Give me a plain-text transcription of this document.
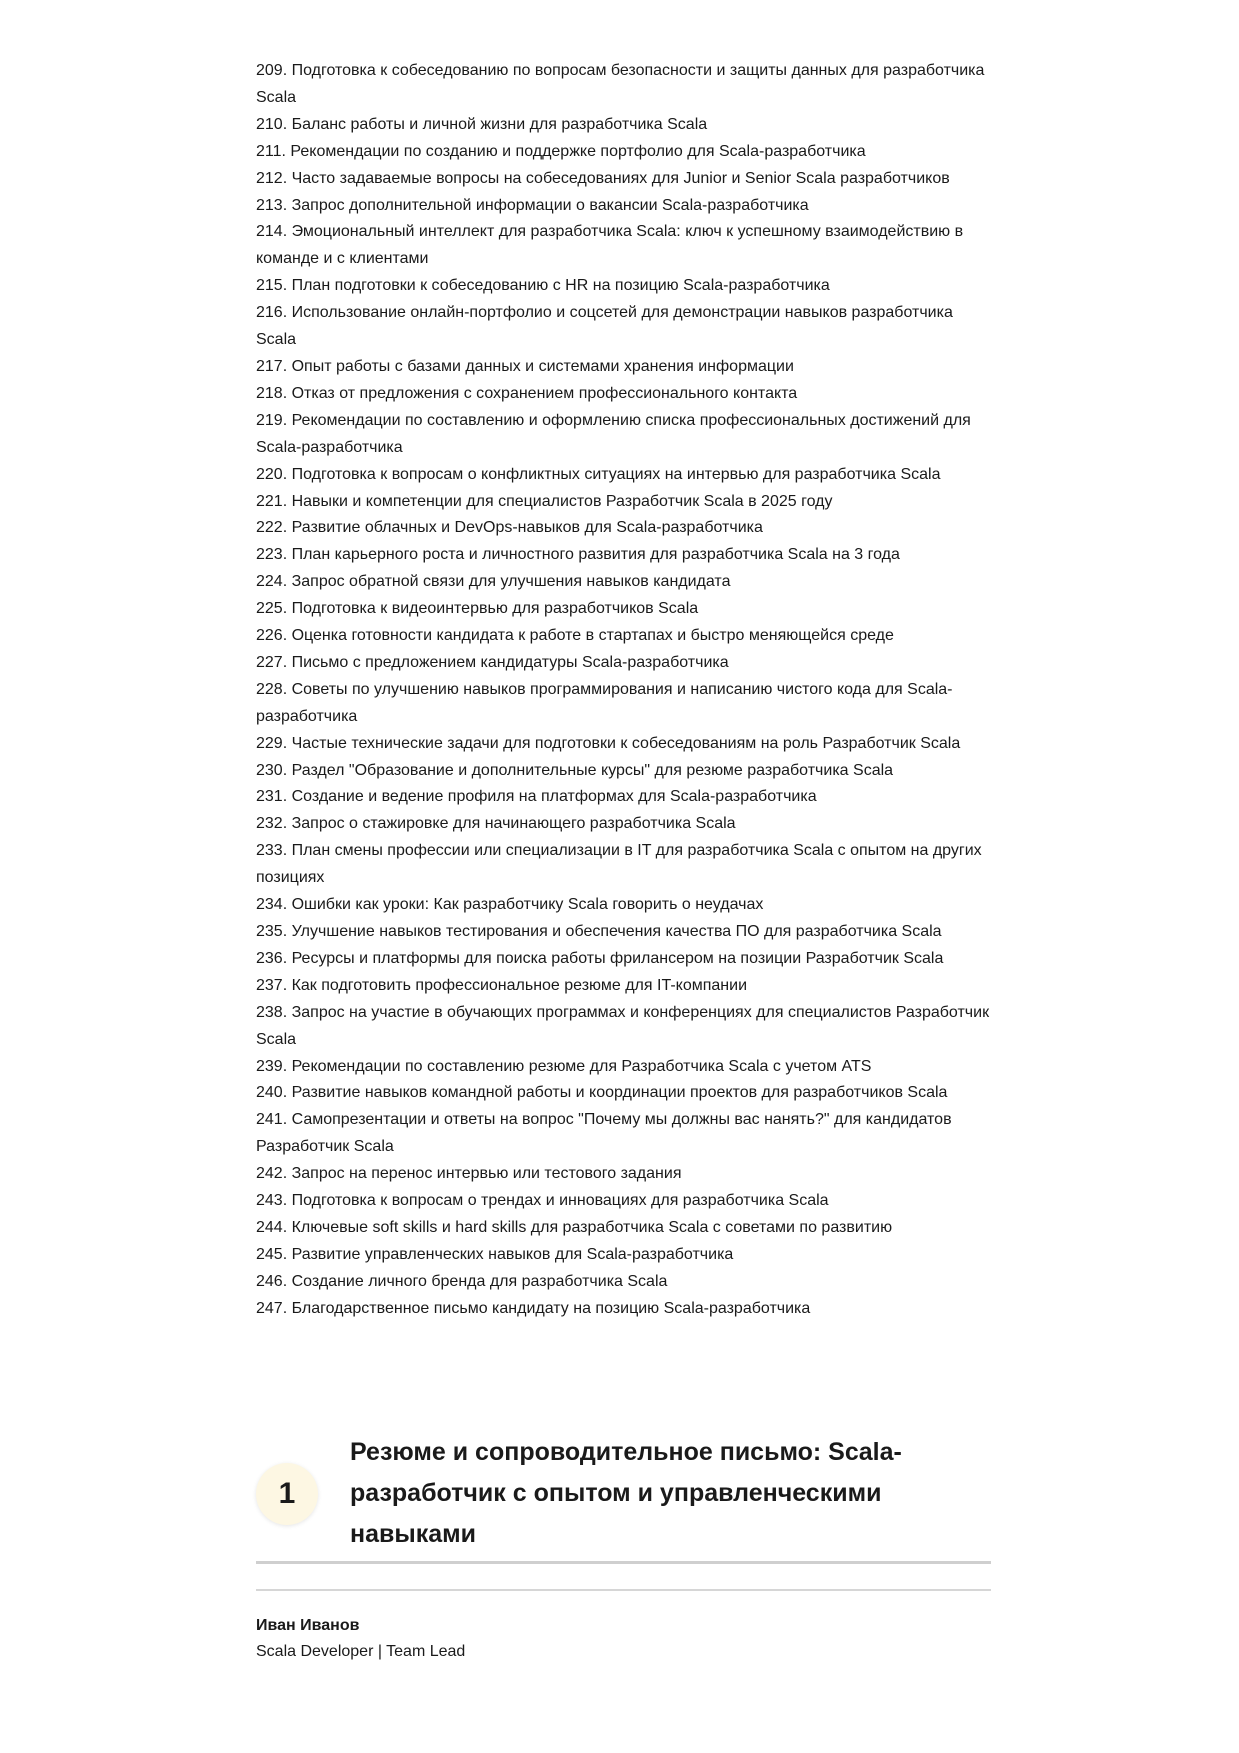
209. Подготовка к собеседованию по вопросам безопасности и защиты данных для разработчика Scala
210. Баланс работы и личной жизни для разработчика Scala
211. Рекомендации по созданию и поддержке портфолио для Scala-разработчика
212. Часто задаваемые вопросы на собеседованиях для Junior и Senior Scala разработчиков
213. Запрос дополнительной информации о вакансии Scala-разработчика
214. Эмоциональный интеллект для разработчика Scala: ключ к успешному взаимодействию в команде и с клиентами
215. План подготовки к собеседованию с HR на позицию Scala-разработчика
216. Использование онлайн-портфолио и соцсетей для демонстрации навыков разработчика Scala
217. Опыт работы с базами данных и системами хранения информации
218. Отказ от предложения с сохранением профессионального контакта
219. Рекомендации по составлению и оформлению списка профессиональных достижений для Scala-разработчика
220. Подготовка к вопросам о конфликтных ситуациях на интервью для разработчика Scala
221. Навыки и компетенции для специалистов Разработчик Scala в 2025 году
222. Развитие облачных и DevOps-навыков для Scala-разработчика
223. План карьерного роста и личностного развития для разработчика Scala на 3 года
224. Запрос обратной связи для улучшения навыков кандидата
225. Подготовка к видеоинтервью для разработчиков Scala
226. Оценка готовности кандидата к работе в стартапах и быстро меняющейся среде
227. Письмо с предложением кандидатуры Scala-разработчика
228. Советы по улучшению навыков программирования и написанию чистого кода для Scala-разработчика
229. Частые технические задачи для подготовки к собеседованиям на роль Разработчик Scala
230. Раздел "Образование и дополнительные курсы" для резюме разработчика Scala
231. Создание и ведение профиля на платформах для Scala-разработчика
232. Запрос о стажировке для начинающего разработчика Scala
233. План смены профессии или специализации в IT для разработчика Scala с опытом на других позициях
234. Ошибки как уроки: Как разработчику Scala говорить о неудачах
235. Улучшение навыков тестирования и обеспечения качества ПО для разработчика Scala
236. Ресурсы и платформы для поиска работы фрилансером на позиции Разработчик Scala
237. Как подготовить профессиональное резюме для IT-компании
238. Запрос на участие в обучающих программах и конференциях для специалистов Разработчик Scala
239. Рекомендации по составлению резюме для Разработчика Scala с учетом ATS
240. Развитие навыков командной работы и координации проектов для разработчиков Scala
241. Самопрезентации и ответы на вопрос "Почему мы должны вас нанять?" для кандидатов Разработчик Scala
242. Запрос на перенос интервью или тестового задания
243. Подготовка к вопросам о трендах и инновациях для разработчика Scala
244. Ключевые soft skills и hard skills для разработчика Scala с советами по развитию
245. Развитие управленческих навыков для Scala-разработчика
246. Создание личного бренда для разработчика Scala
247. Благодарственное письмо кандидату на позицию Scala-разработчика
1
Резюме и сопроводительное письмо: Scala-разработчик с опытом и управленческими навыками
Иван Иванов
Scala Developer | Team Lead
